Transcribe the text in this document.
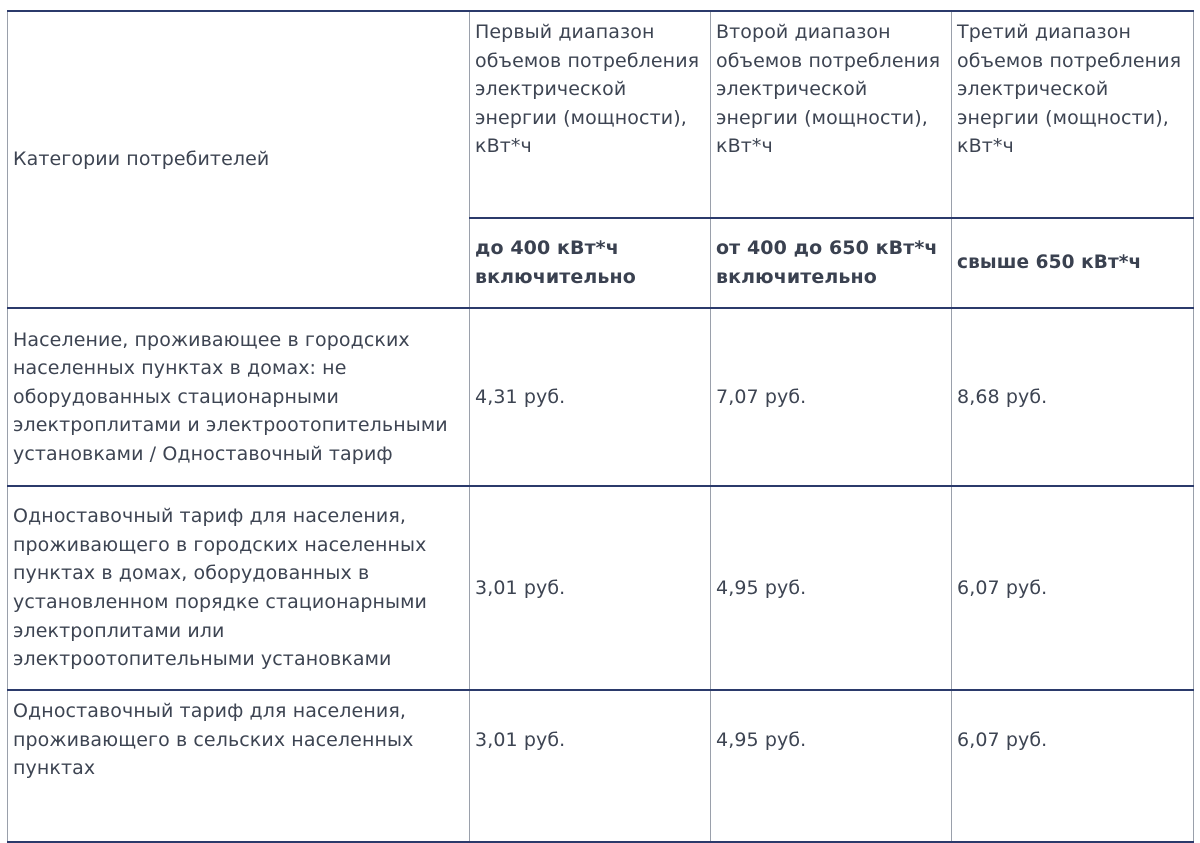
Категории потребителей	Первый диапазон объемов потребления электрической энергии (мощности), кВт*ч	Второй диапазон объемов потребления электрической энергии (мощности), кВт*ч	Третий диапазон объемов потребления электрической энергии (мощности), кВт*ч
	до 400 кВт*ч включительно	от 400 до 650 кВт*ч включительно	свыше 650 кВт*ч
Население, проживающее в городских населенных пунктах в домах: не оборудованных стационарными электроплитами и электроотопительными установками / Одноставочный тариф	4,31 руб.	7,07 руб.	8,68 руб.
Одноставочный тариф для населения, проживающего в городских населенных пунктах в домах, оборудованных в установленном порядке стационарными электроплитами или электроотопительными установками	3,01 руб.	4,95 руб.	6,07 руб.
Одноставочный тариф для населения, проживающего в сельских населенных пунктах	3,01 руб.	4,95 руб.	6,07 руб.
